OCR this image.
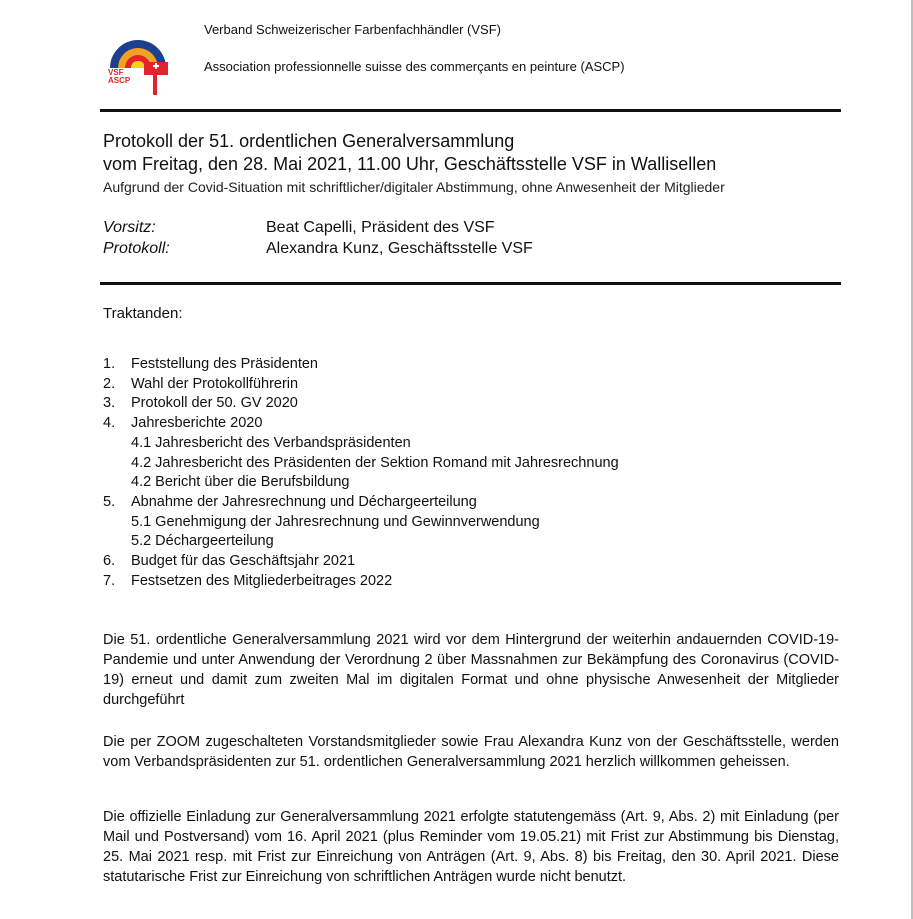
VSF
ASCP
Verband Schweizerischer Farbenfachhändler (VSF)
Association professionnelle suisse des commerçants en peinture (ASCP)
Protokoll der 51. ordentlichen Generalversammlung
vom Freitag, den 28. Mai 2021, 11.00 Uhr, Geschäftsstelle VSF in Wallisellen
Aufgrund der Covid-Situation mit schriftlicher/digitaler Abstimmung, ohne Anwesenheit der Mitglieder
Vorsitz:	Beat Capelli, Präsident des VSF
Protokoll:	Alexandra Kunz, Geschäftsstelle VSF
Traktanden:
1. Feststellung des Präsidenten
2. Wahl der Protokollführerin
3. Protokoll der 50. GV 2020
4. Jahresberichte 2020
4.1 Jahresbericht des Verbandspräsidenten
4.2 Jahresbericht des Präsidenten der Sektion Romand mit Jahresrechnung
4.2 Bericht über die Berufsbildung
5. Abnahme der Jahresrechnung und Déchargeerteilung
5.1 Genehmigung der Jahresrechnung und Gewinnverwendung
5.2 Déchargeerteilung
6. Budget für das Geschäftsjahr 2021
7. Festsetzen des Mitgliederbeitrages 2022
Die 51. ordentliche Generalversammlung 2021 wird vor dem Hintergrund der weiterhin andauernden COVID-19-Pandemie und unter Anwendung der Verordnung 2 über Massnahmen zur Bekämpfung des Coronavirus (COVID-19) erneut und damit zum zweiten Mal im digitalen Format und ohne physische Anwesenheit der Mitglieder durchgeführt
Die per ZOOM zugeschalteten Vorstandsmitglieder sowie Frau Alexandra Kunz von der Geschäftsstelle, werden vom Verbandspräsidenten zur 51. ordentlichen Generalversammlung 2021 herzlich willkommen geheissen.
Die offizielle Einladung zur Generalversammlung 2021 erfolgte statutengemäss (Art. 9, Abs. 2) mit Einladung (per Mail und Postversand) vom 16. April 2021 (plus Reminder vom 19.05.21) mit Frist zur Abstimmung bis Dienstag, 25. Mai 2021 resp. mit Frist zur Einreichung von Anträgen (Art. 9, Abs. 8) bis Freitag, den 30. April 2021. Diese statutarische Frist zur Einreichung von schriftlichen Anträgen wurde nicht benutzt.
